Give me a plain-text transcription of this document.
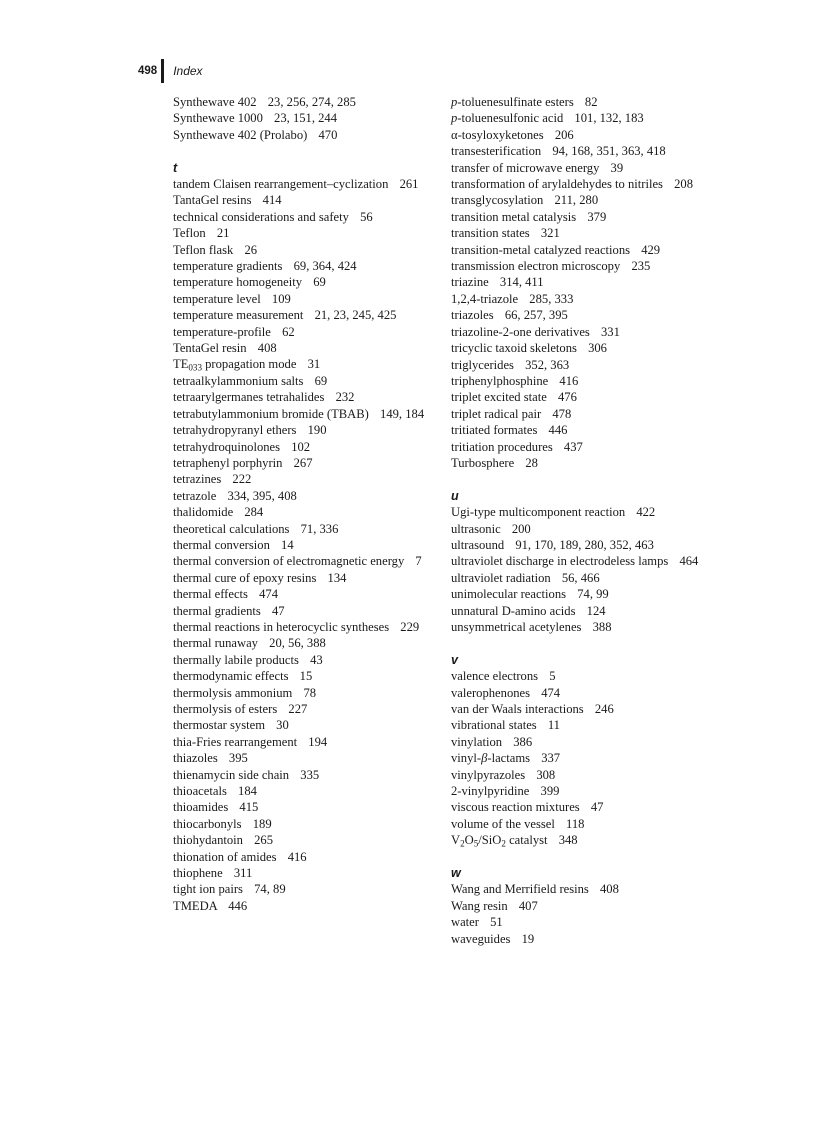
498 Index

Synthewave 402 23, 256, 274, 285

Synthewave 1000 23, 151, 244

Synthewave 402 (Prolabo) 470

t

tandem Claisen rearrangement–cyclization 261

TantaGel resins 414

technical considerations and safety 56

Teflon 21

Teflon flask 26

temperature gradients 69, 364, 424

temperature homogeneity 69

temperature level 109

temperature measurement 21, 23, 245, 425

temperature-profile 62

TentaGel resin 408

$TE_{033}$ propagation mode 31

tetraalkylammonium salts 69

tetraarylgermanes tetrahalides 232

tetrabutylammonium bromide (TBAB) 149, 184

tetrahydropyranyl ethers 190

tetrahydroquinolones 102

tetraphenyl porphyrin 267

tetrazines 222

tetrazole 334, 395, 408

thalidomide 284

theoretical calculations 71, 336

thermal conversion 14

thermal conversion of electromagnetic energy 7

thermal cure of epoxy resins 134

thermal effects 474

thermal gradients 47

thermal reactions in heterocyclic syntheses 229

thermal runaway 20, 56, 388

thermally labile products 43

thermodynamic effects 15

thermolysis ammonium 78

thermolysis of esters 227

thermostar system 30

thia-Fries rearrangement 194

thiazoles 395

thienamycin side chain 335

thioacetals 184

thioamides 415

thiocarbonyls 189

thiohydantoin 265

thionation of amides 416

thiophene 311

tight ion pairs 74, 89

TMEDA 446

p-toluenesulfinate esters 82

p-toluenesulfonic acid 101, 132, 183

α-tosyloxyketones 206

transesterification 94, 168, 351, 363, 418

transfer of microwave energy 39

transformation of arylaldehydes to nitriles 208

transglycosylation 211, 280

transition metal catalysis 379

transition states 321

transition-metal catalyzed reactions 429

transmission electron microscopy 235

triazine 314, 411

1,2,4-triazole 285, 333

triazoles 66, 257, 395

triazoline-2-one derivatives 331

tricyclic taxoid skeletons 306

triglycerides 352, 363

triphenylphosphine 416

triplet excited state 476

triplet radical pair 478

tritiated formates 446

tritiation procedures 437

Turbosphere 28

u

Ugi-type multicomponent reaction 422

ultrasonic 200

ultrasound 91, 170, 189, 280, 352, 463

ultraviolet discharge in electrodeless lamps 464

ultraviolet radiation 56, 466

unimolecular reactions 74, 99

unnatural D-amino acids 124

unsymmetrical acetylenes 388

v

valence electrons 5

valerophenones 474

van der Waals interactions 246

vibrational states 11

vinylation 386

vinyl-β-lactams 337

vinylpyrazoles 308

2-vinylpyridine 399

viscous reaction mixtures 47

volume of the vessel 118

$V_2O_5/SiO_2$ catalyst 348

w

Wang and Merrifield resins 408

Wang resin 407

water 51

waveguides 19
